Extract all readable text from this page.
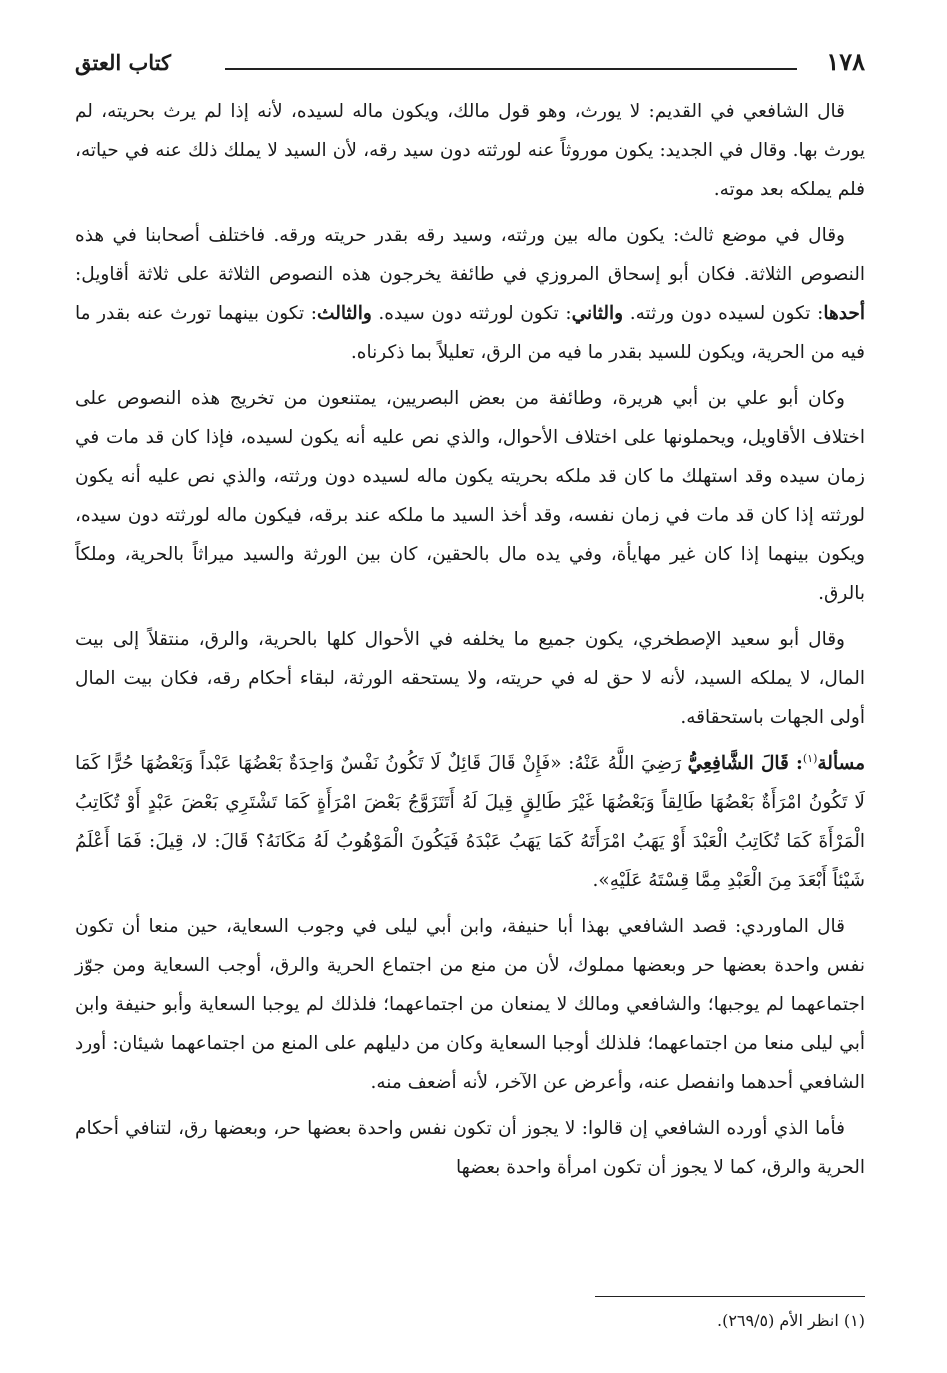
١٧٨
كتاب العتق

قال الشافعي في القديم: لا يورث، وهو قول مالك، ويكون ماله لسيده، لأنه إذا لم يرث بحريته، لم يورث بها. وقال في الجديد: يكون موروثاً عنه لورثته دون سيد رقه، لأن السيد لا يملك ذلك عنه في حياته، فلم يملكه بعد موته.

وقال في موضع ثالث: يكون ماله بين ورثته، وسيد رقه بقدر حريته ورقه. فاختلف أصحابنا في هذه النصوص الثلاثة. فكان أبو إسحاق المروزي في طائفة يخرجون هذه النصوص الثلاثة على ثلاثة أقاويل: أحدها: تكون لسيده دون ورثته. والثاني: تكون لورثته دون سيده. والثالث: تكون بينهما تورث عنه بقدر ما فيه من الحرية، ويكون للسيد بقدر ما فيه من الرق، تعليلاً بما ذكرناه.

وكان أبو علي بن أبي هريرة، وطائفة من بعض البصريين، يمتنعون من تخريج هذه النصوص على اختلاف الأقاويل، ويحملونها على اختلاف الأحوال، والذي نص عليه أنه يكون لسيده، فإذا كان قد مات في زمان سيده وقد استهلك ما كان قد ملكه بحريته يكون ماله لسيده دون ورثته، والذي نص عليه أنه يكون لورثته إذا كان قد مات في زمان نفسه، وقد أخذ السيد ما ملكه عند برقه، فيكون ماله لورثته دون سيده، ويكون بينهما إذا كان غير مهايأة، وفي يده مال بالحقين، كان بين الورثة والسيد ميراثاً بالحرية، وملكاً بالرق.

وقال أبو سعيد الإصطخري، يكون جميع ما يخلفه في الأحوال كلها بالحرية، والرق، منتقلاً إلى بيت المال، لا يملكه السيد، لأنه لا حق له في حريته، ولا يستحقه الورثة، لبقاء أحكام رقه، فكان بيت المال أولى الجهات باستحقاقه.

مسألة$^{(١)}$: قَالَ الشَّافِعِيُّ رَضِيَ اللَّهُ عَنْهُ: «فَإِنْ قَالَ قَائِلٌ لَا تَكُونُ نَفْسٌ وَاحِدَةٌ بَعْضُهَا عَبْداً وَبَعْضُهَا حُرًّا كَمَا لَا تَكُونُ امْرَأَةٌ بَعْضُهَا طَالِقاً وَبَعْضُهَا غَيْرَ طَالِقٍ قِيلَ لَهُ أَتَتَزَوَّجُ بَعْضَ امْرَأَةٍ كَمَا تَشْتَرِي بَعْضَ عَبْدٍ أَوْ تُكَاتِبُ الْمَرْأَةَ كَمَا تُكَاتِبُ الْعَبْدَ أَوْ يَهَبُ امْرَأَتَهُ كَمَا يَهَبُ عَبْدَهُ فَيَكُونَ الْمَوْهُوبُ لَهُ مَكَانَهُ؟ قَالَ: لا، قِيلَ: فَمَا أَعْلَمُ شَيْئاً أَبْعَدَ مِنَ الْعَبْدِ مِمَّا قِسْتَهُ عَلَيْهِ».

قال الماوردي: قصد الشافعي بهذا أبا حنيفة، وابن أبي ليلى في وجوب السعاية، حين منعا أن تكون نفس واحدة بعضها حر وبعضها مملوك، لأن من منع من اجتماع الحرية والرق، أوجب السعاية ومن جوّز اجتماعهما لم يوجبها؛ والشافعي ومالك لا يمنعان من اجتماعهما؛ فلذلك لم يوجبا السعاية وأبو حنيفة وابن أبي ليلى منعا من اجتماعهما؛ فلذلك أوجبا السعاية وكان من دليلهم على المنع من اجتماعهما شيئان: أورد الشافعي أحدهما وانفصل عنه، وأعرض عن الآخر، لأنه أضعف منه.

فأما الذي أورده الشافعي إن قالوا: لا يجوز أن تكون نفس واحدة بعضها حر، وبعضها رق، لتنافي أحكام الحرية والرق، كما لا يجوز أن تكون امرأة واحدة بعضها

(١) انظر الأم (٢٦٩/٥).
